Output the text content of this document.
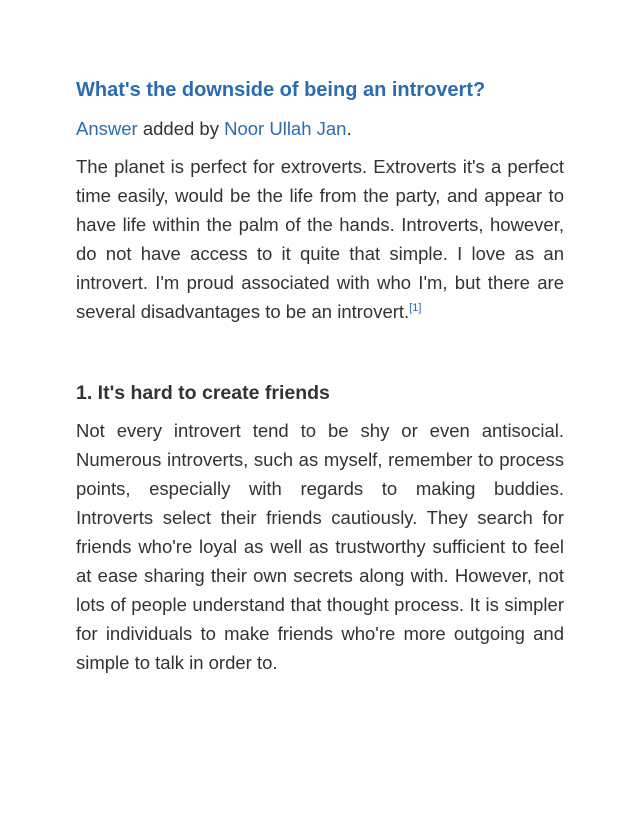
What's the downside of being an introvert?

Answer added by Noor Ullah Jan.

The planet is perfect for extroverts. Extroverts it's a perfect time easily, would be the life from the party, and appear to have life within the palm of the hands. Introverts, however, do not have access to it quite that simple. I love as an introvert. I'm proud associated with who I'm, but there are several disadvantages to be an introvert.[1]

1. It's hard to create friends

Not every introvert tend to be shy or even antisocial. Numerous introverts, such as myself, remember to process points, especially with regards to making buddies. Introverts select their friends cautiously. They search for friends who're loyal as well as trustworthy sufficient to feel at ease sharing their own secrets along with. However, not lots of people understand that thought process. It is simpler for individuals to make friends who're more outgoing and simple to talk in order to.
